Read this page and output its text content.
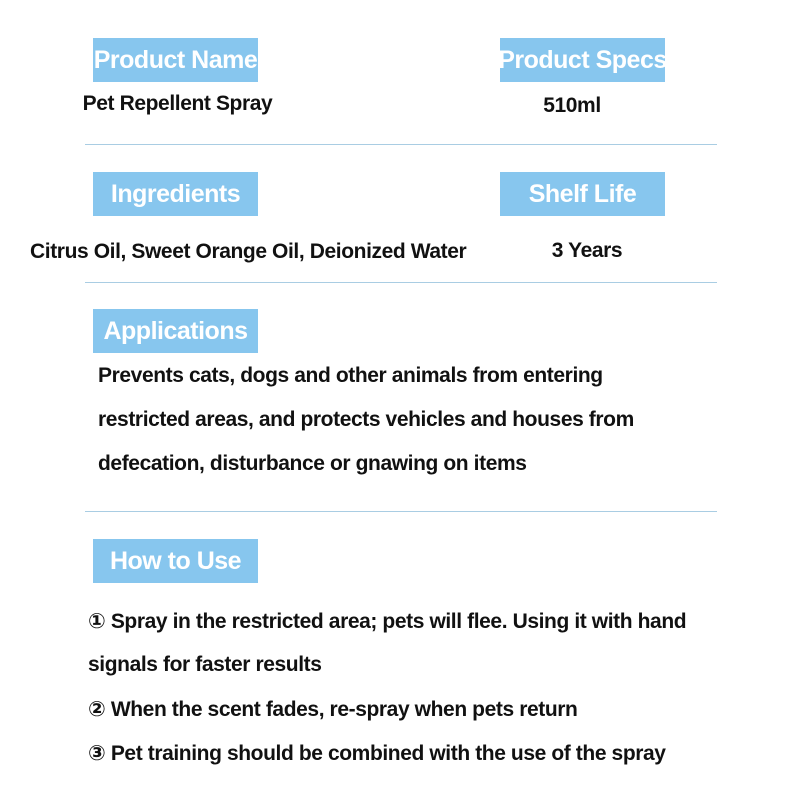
Product Name
Pet Repellent Spray
Product Specs
510ml
Ingredients
Citrus Oil, Sweet Orange Oil, Deionized Water
Shelf Life
3 Years
Applications
Prevents cats, dogs and other animals from entering
restricted areas, and protects vehicles and houses from
defecation, disturbance or gnawing on items
How to Use
① Spray in the restricted area; pets will flee. Using it with hand
signals for faster results
② When the scent fades, re-spray when pets return
③ Pet training should be combined with the use of the spray
